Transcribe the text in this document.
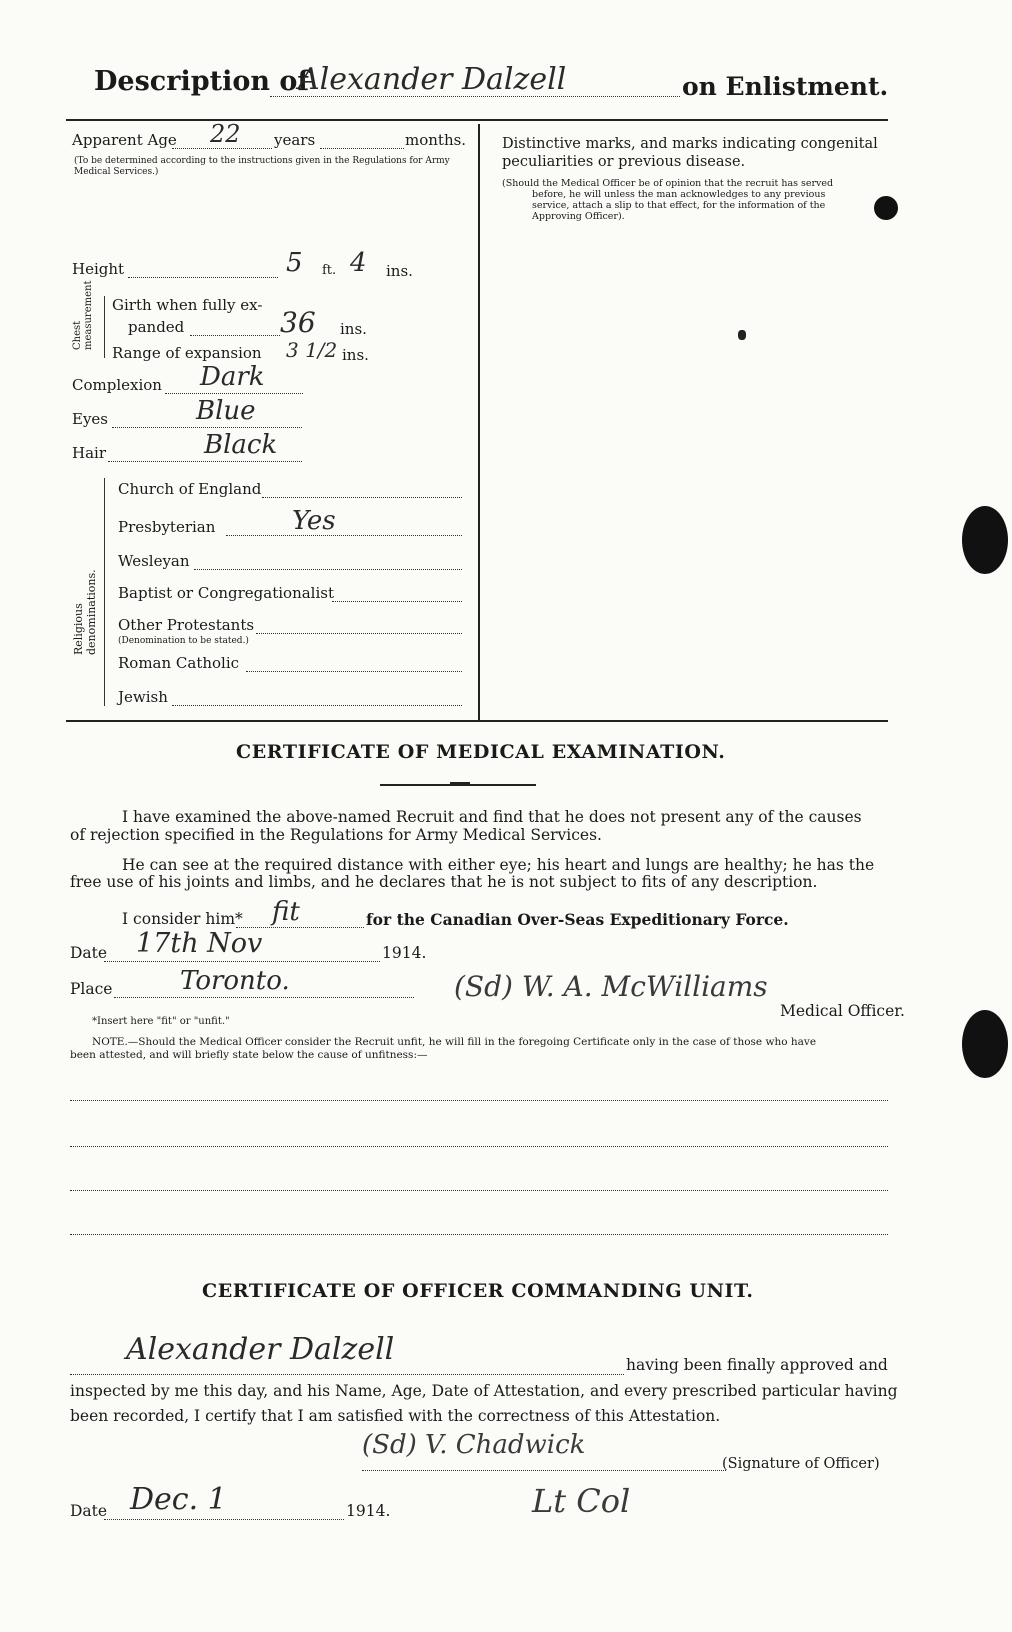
Description of
Alexander Dalzell	on Enlistment.
Apparent Age 22 years	months.
(To be determined according to the instructions given in the Regulations for Army Medical Services.)
Height	5 ft. 4 ins.
Chest measurement Girth when fully ex-
panded	36 ins.
Range of expansion 3 1/2 ins.
Complexion Dark
Eyes	Blue
Hair	Black
Religious denominations.
Church of England
Presbyterian	Yes
Wesleyan
Baptist or Congregationalist
Other Protestants
(Denomination to be stated.)
Roman Catholic
Jewish
Distinctive marks, and marks indicating congenital
peculiarities or previous disease.
(Should the Medical Officer be of opinion that the recruit has served
before, he will unless the man acknowledges to any previous
service, attach a slip to that effect, for the information of the
Approving Officer).
CERTIFICATE OF MEDICAL EXAMINATION.
I have examined the above-named Recruit and find that he does not present any of the causes
of rejection specified in the Regulations for Army Medical Services.
He can see at the required distance with either eye; his heart and lungs are healthy; he has the
free use of his joints and limbs, and he declares that he is not subject to fits of any description.
I consider him* fit	for the Canadian Over-Seas Expeditionary Force.
Date 17th Nov	1914.
Place	Toronto.	(Sd) W. A. McWilliams
Medical Officer.
*Insert here "fit" or "unfit."
NOTE.—Should the Medical Officer consider the Recruit unfit, he will fill in the foregoing Certificate only in the case of those who have
been attested, and will briefly state below the cause of unfitness:—
CERTIFICATE OF OFFICER COMMANDING UNIT.
Alexander Dalzell	having been finally approved and
inspected by me this day, and his Name, Age, Date of Attestation, and every prescribed particular having
been recorded, I certify that I am satisfied with the correctness of this Attestation.
(Sd) V. Chadwick
(Signature of Officer)
Lt Col
Date Dec. 1	1914.
